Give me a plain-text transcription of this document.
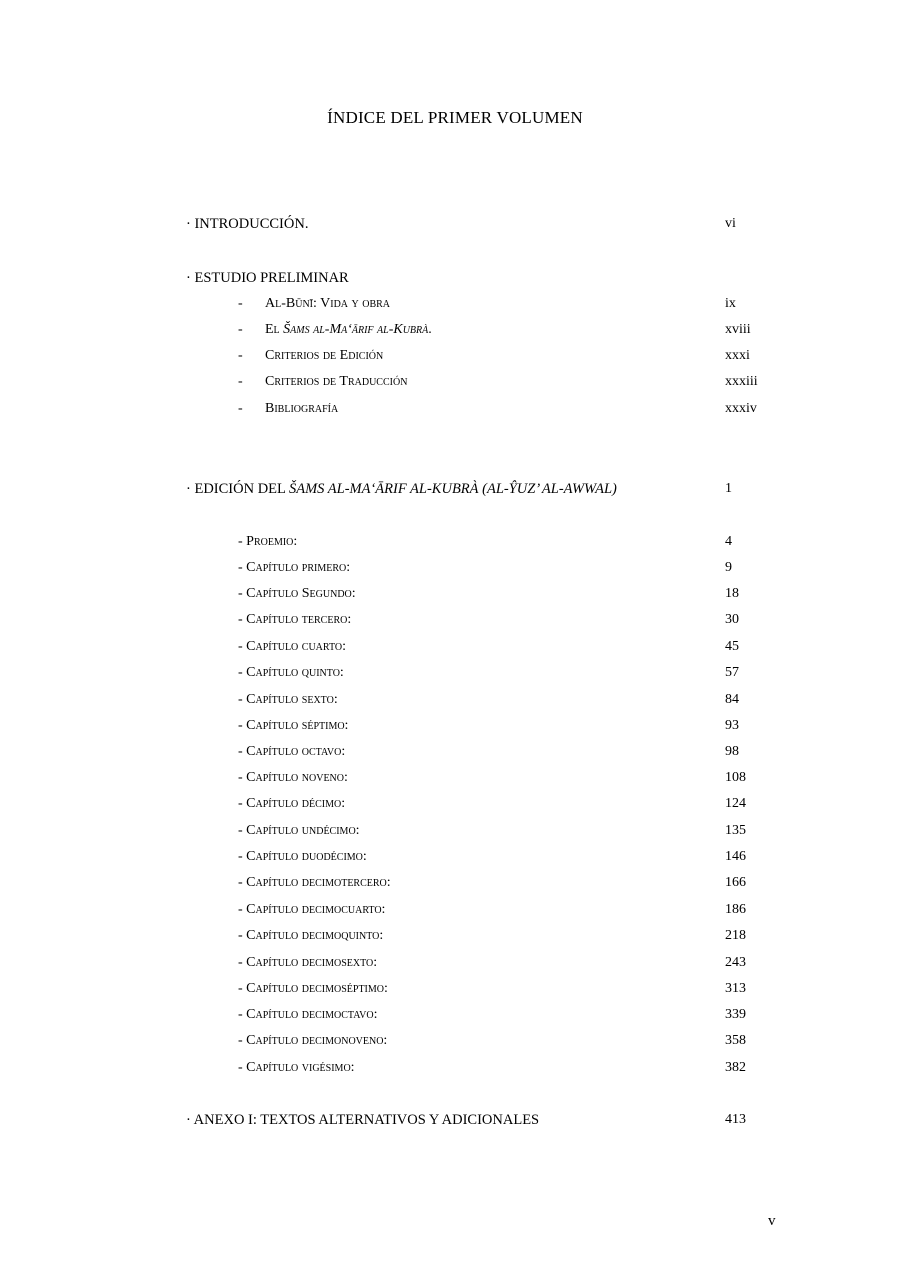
ÍNDICE DEL PRIMER VOLUMEN
· INTRODUCCIÓN.	vi
· ESTUDIO PRELIMINAR
- Al-Būnī: Vida y obra	ix
- El Šams al-Ma‘ārif al-Kubrà.	xviii
- Criterios de Edición	xxxi
- Criterios de Traducción	xxxiii
- Bibliografía	xxxiv
· EDICIÓN DEL ŠAMS AL-MA‘ĀRIF AL-KUBRÀ (AL-ŶUZ’ AL-AWWAL)	1
- Proemio:	4
- Capítulo primero:	9
- Capítulo Segundo:	18
- Capítulo tercero:	30
- Capítulo cuarto:	45
- Capítulo quinto:	57
- Capítulo sexto:	84
- Capítulo séptimo:	93
- Capítulo octavo:	98
- Capítulo noveno:	108
- Capítulo décimo:	124
- Capítulo undécimo:	135
- Capítulo duodécimo:	146
- Capítulo decimotercero:	166
- Capítulo decimocuarto:	186
- Capítulo decimoquinto:	218
- Capítulo decimosexto:	243
- Capítulo decimoséptimo:	313
- Capítulo decimoctavo:	339
- Capítulo decimonoveno:	358
- Capítulo vigésimo:	382
· ANEXO I: TEXTOS ALTERNATIVOS Y ADICIONALES	413
v
